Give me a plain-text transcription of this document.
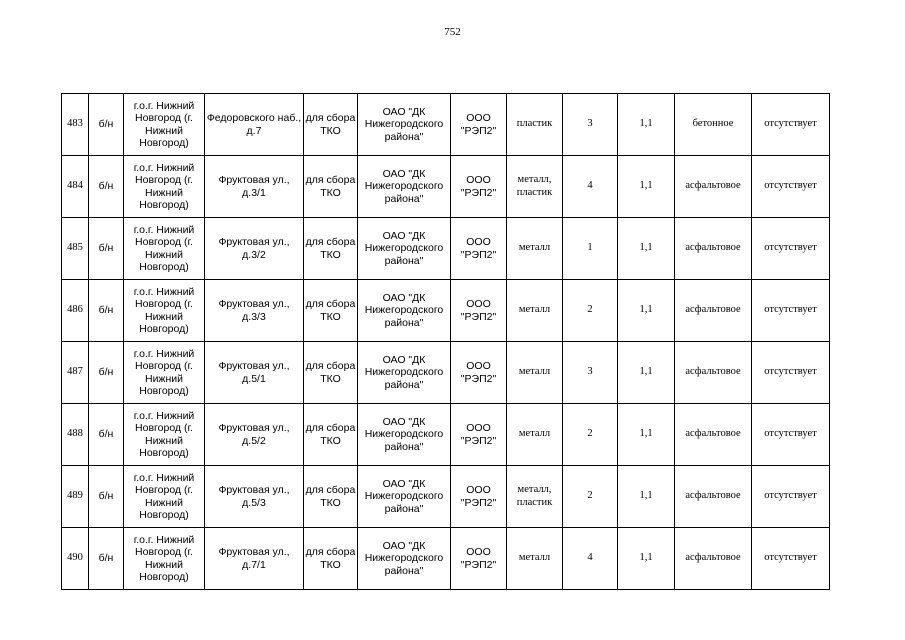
752
483	б/н	г.о.г. Нижний Новгород (г. Нижний Новгород)	Федоровского наб., д.7	для сбора ТКО	ОАО "ДК Нижегородского района"	ООО "РЭП2"	пластик	3	1,1	бетонное	отсутствует
484	б/н	г.о.г. Нижний Новгород (г. Нижний Новгород)	Фруктовая ул., д.3/1	для сбора ТКО	ОАО "ДК Нижегородского района"	ООО "РЭП2"	металл, пластик	4	1,1	асфальтовое	отсутствует
485	б/н	г.о.г. Нижний Новгород (г. Нижний Новгород)	Фруктовая ул., д.3/2	для сбора ТКО	ОАО "ДК Нижегородского района"	ООО "РЭП2"	металл	1	1,1	асфальтовое	отсутствует
486	б/н	г.о.г. Нижний Новгород (г. Нижний Новгород)	Фруктовая ул., д.3/3	для сбора ТКО	ОАО "ДК Нижегородского района"	ООО "РЭП2"	металл	2	1,1	асфальтовое	отсутствует
487	б/н	г.о.г. Нижний Новгород (г. Нижний Новгород)	Фруктовая ул., д.5/1	для сбора ТКО	ОАО "ДК Нижегородского района"	ООО "РЭП2"	металл	3	1,1	асфальтовое	отсутствует
488	б/н	г.о.г. Нижний Новгород (г. Нижний Новгород)	Фруктовая ул., д.5/2	для сбора ТКО	ОАО "ДК Нижегородского района"	ООО "РЭП2"	металл	2	1,1	асфальтовое	отсутствует
489	б/н	г.о.г. Нижний Новгород (г. Нижний Новгород)	Фруктовая ул., д.5/3	для сбора ТКО	ОАО "ДК Нижегородского района"	ООО "РЭП2"	металл, пластик	2	1,1	асфальтовое	отсутствует
490	б/н	г.о.г. Нижний Новгород (г. Нижний Новгород)	Фруктовая ул., д.7/1	для сбора ТКО	ОАО "ДК Нижегородского района"	ООО "РЭП2"	металл	4	1,1	асфальтовое	отсутствует
